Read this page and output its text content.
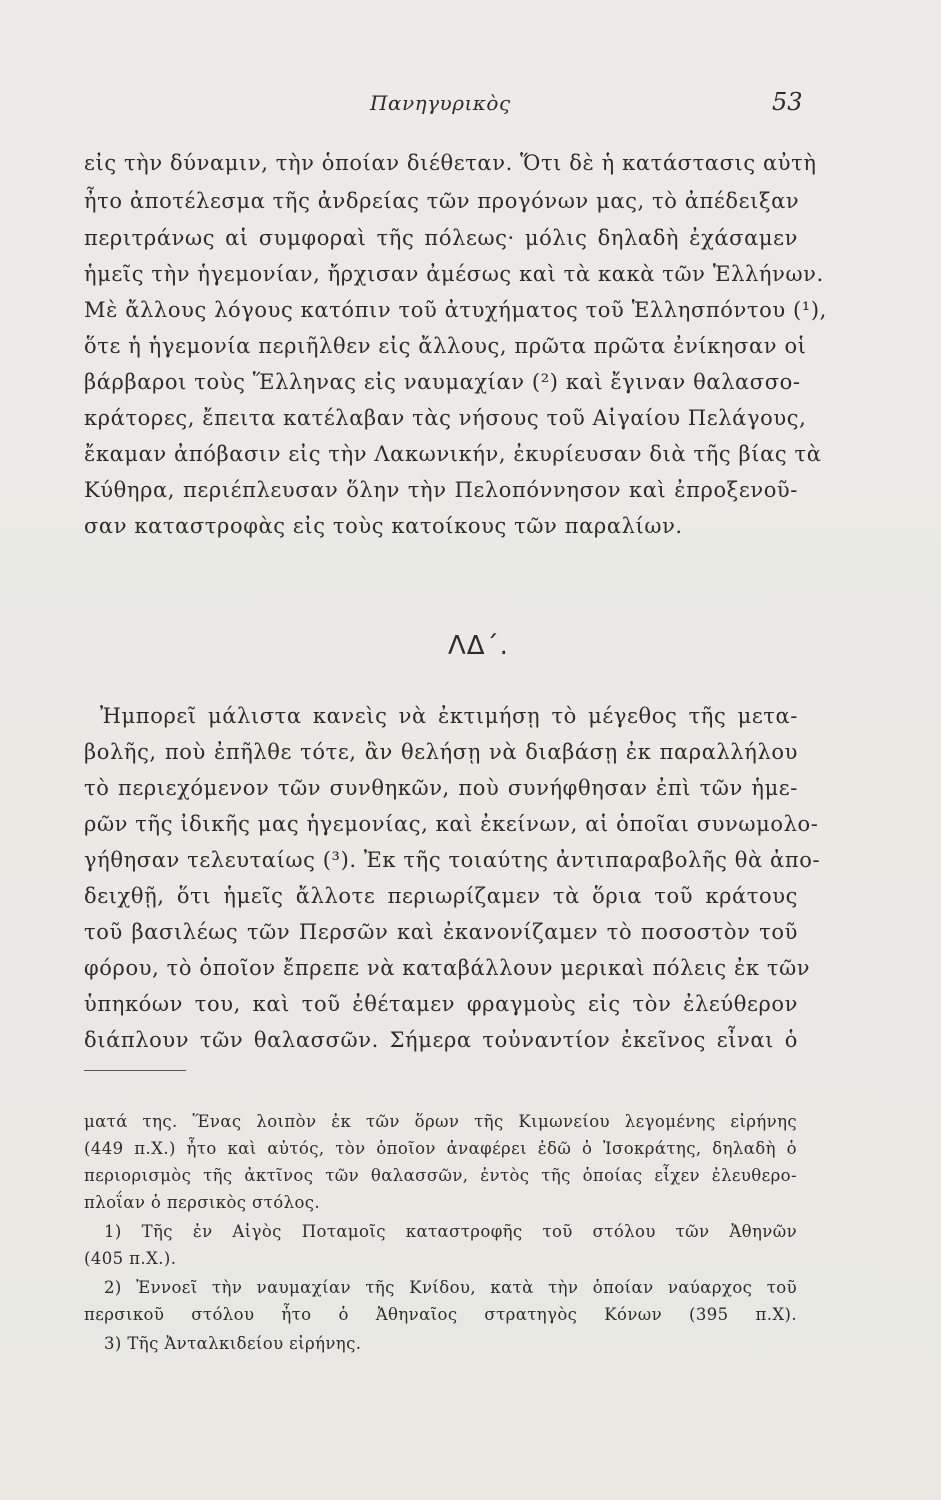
Πανηγυρικὸς	53
εἰς τὴν δύναμιν, τὴν ὁποίαν διέθεταν. Ὅτι δὲ ἡ κατάστασις αὐτὴ
ἦτο ἀποτέλεσμα τῆς ἀνδρείας τῶν προγόνων μας, τὸ ἀπέδειξαν
περιτράνως αἱ συμφοραὶ τῆς πόλεως· μόλις δηλαδὴ ἐχάσαμεν
ἡμεῖς τὴν ἡγεμονίαν, ἤρχισαν ἀμέσως καὶ τὰ κακὰ τῶν Ἑλλήνων.
Μὲ ἄλλους λόγους κατόπιν τοῦ ἀτυχήματος τοῦ Ἑλλησπόντου (¹),
ὅτε ἡ ἡγεμονία περιῆλθεν εἰς ἄλλους, πρῶτα πρῶτα ἐνίκησαν οἱ
βάρβαροι τοὺς Ἕλληνας εἰς ναυμαχίαν (²) καὶ ἔγιναν θαλασσο-
κράτορες, ἔπειτα κατέλαβαν τὰς νήσους τοῦ Αἰγαίου Πελάγους,
ἔκαμαν ἀπόβασιν εἰς τὴν Λακωνικήν, ἐκυρίευσαν διὰ τῆς βίας τὰ
Κύθηρα, περιέπλευσαν ὅλην τὴν Πελοπόννησον καὶ ἐπροξενοῦ-
σαν καταστροφὰς εἰς τοὺς κατοίκους τῶν παραλίων.
ΛΔ΄.
Ἠμπορεῖ μάλιστα κανεὶς νὰ ἐκτιμήσῃ τὸ μέγεθος τῆς μετα-
βολῆς, ποὺ ἐπῆλθε τότε, ἂν θελήσῃ νὰ διαβάσῃ ἐκ παραλλήλου
τὸ περιεχόμενον τῶν συνθηκῶν, ποὺ συνήφθησαν ἐπὶ τῶν ἡμε-
ρῶν τῆς ἰδικῆς μας ἡγεμονίας, καὶ ἐκείνων, αἱ ὁποῖαι συνωμολο-
γήθησαν τελευταίως (³). Ἐκ τῆς τοιαύτης ἀντιπαραβολῆς θὰ ἀπο-
δειχθῇ, ὅτι ἡμεῖς ἄλλοτε περιωρίζαμεν τὰ ὅρια τοῦ κράτους
τοῦ βασιλέως τῶν Περσῶν καὶ ἐκανονίζαμεν τὸ ποσοστὸν τοῦ
φόρου, τὸ ὁποῖον ἔπρεπε νὰ καταβάλλουν μερικαὶ πόλεις ἐκ τῶν
ὑπηκόων του, καὶ τοῦ ἐθέταμεν φραγμοὺς εἰς τὸν ἐλεύθερον
διάπλουν τῶν θαλασσῶν. Σήμερα τοὐναντίον ἐκεῖνος εἶναι ὁ
ματά της. Ἕνας λοιπὸν ἐκ τῶν ὅρων τῆς Κιμωνείου λεγομένης εἰρήνης
(449 π.Χ.) ἦτο καὶ αὐτός, τὸν ὁποῖον ἀναφέρει ἐδῶ ὁ Ἰσοκράτης, δηλαδὴ ὁ
περιορισμὸς τῆς ἀκτῖνος τῶν θαλασσῶν, ἐντὸς τῆς ὁποίας εἶχεν ἐλευθερο-
πλοΐαν ὁ περσικὸς στόλος.
1) Τῆς ἐν Αἰγὸς Ποταμοῖς καταστροφῆς τοῦ στόλου τῶν Ἀθηνῶν
(405 π.Χ.).
2) Ἐννοεῖ τὴν ναυμαχίαν τῆς Κνίδου, κατὰ τὴν ὁποίαν ναύαρχος τοῦ
περσικοῦ στόλου ἦτο ὁ Ἀθηναῖος στρατηγὸς Κόνων (395 π.Χ).
3) Τῆς Ἀνταλκιδείου εἰρήνης.
